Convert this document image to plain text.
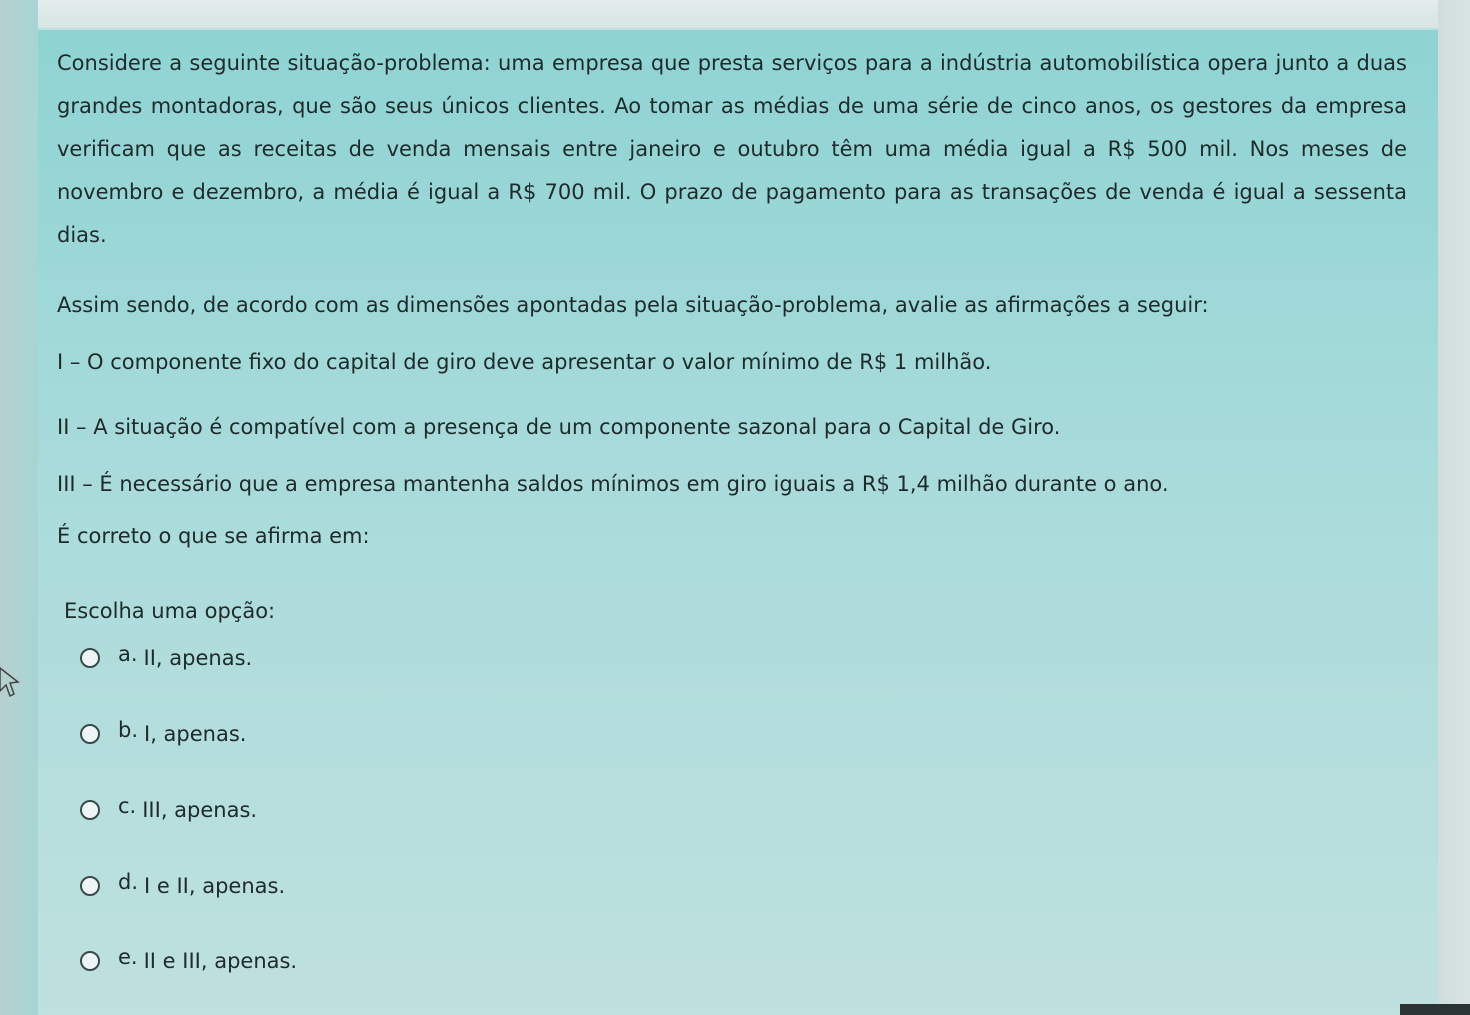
Considere a seguinte situação-problema: uma empresa que presta serviços para a indústria automobilística opera junto a duas grandes montadoras, que são seus únicos clientes. Ao tomar as médias de uma série de cinco anos, os gestores da empresa verificam que as receitas de venda mensais entre janeiro e outubro têm uma média igual a R$ 500 mil. Nos meses de novembro e dezembro, a média é igual a R$ 700 mil. O prazo de pagamento para as transações de venda é igual a sessenta dias.
Assim sendo, de acordo com as dimensões apontadas pela situação-problema, avalie as afirmações a seguir:
I – O componente fixo do capital de giro deve apresentar o valor mínimo de R$ 1 milhão.
II – A situação é compatível com a presença de um componente sazonal para o Capital de Giro.
III – É necessário que a empresa mantenha saldos mínimos em giro iguais a R$ 1,4 milhão durante o ano.
É correto o que se afirma em:
Escolha uma opção:
a. II, apenas.
b. I, apenas.
c. III, apenas.
d. I e II, apenas.
e. II e III, apenas.
